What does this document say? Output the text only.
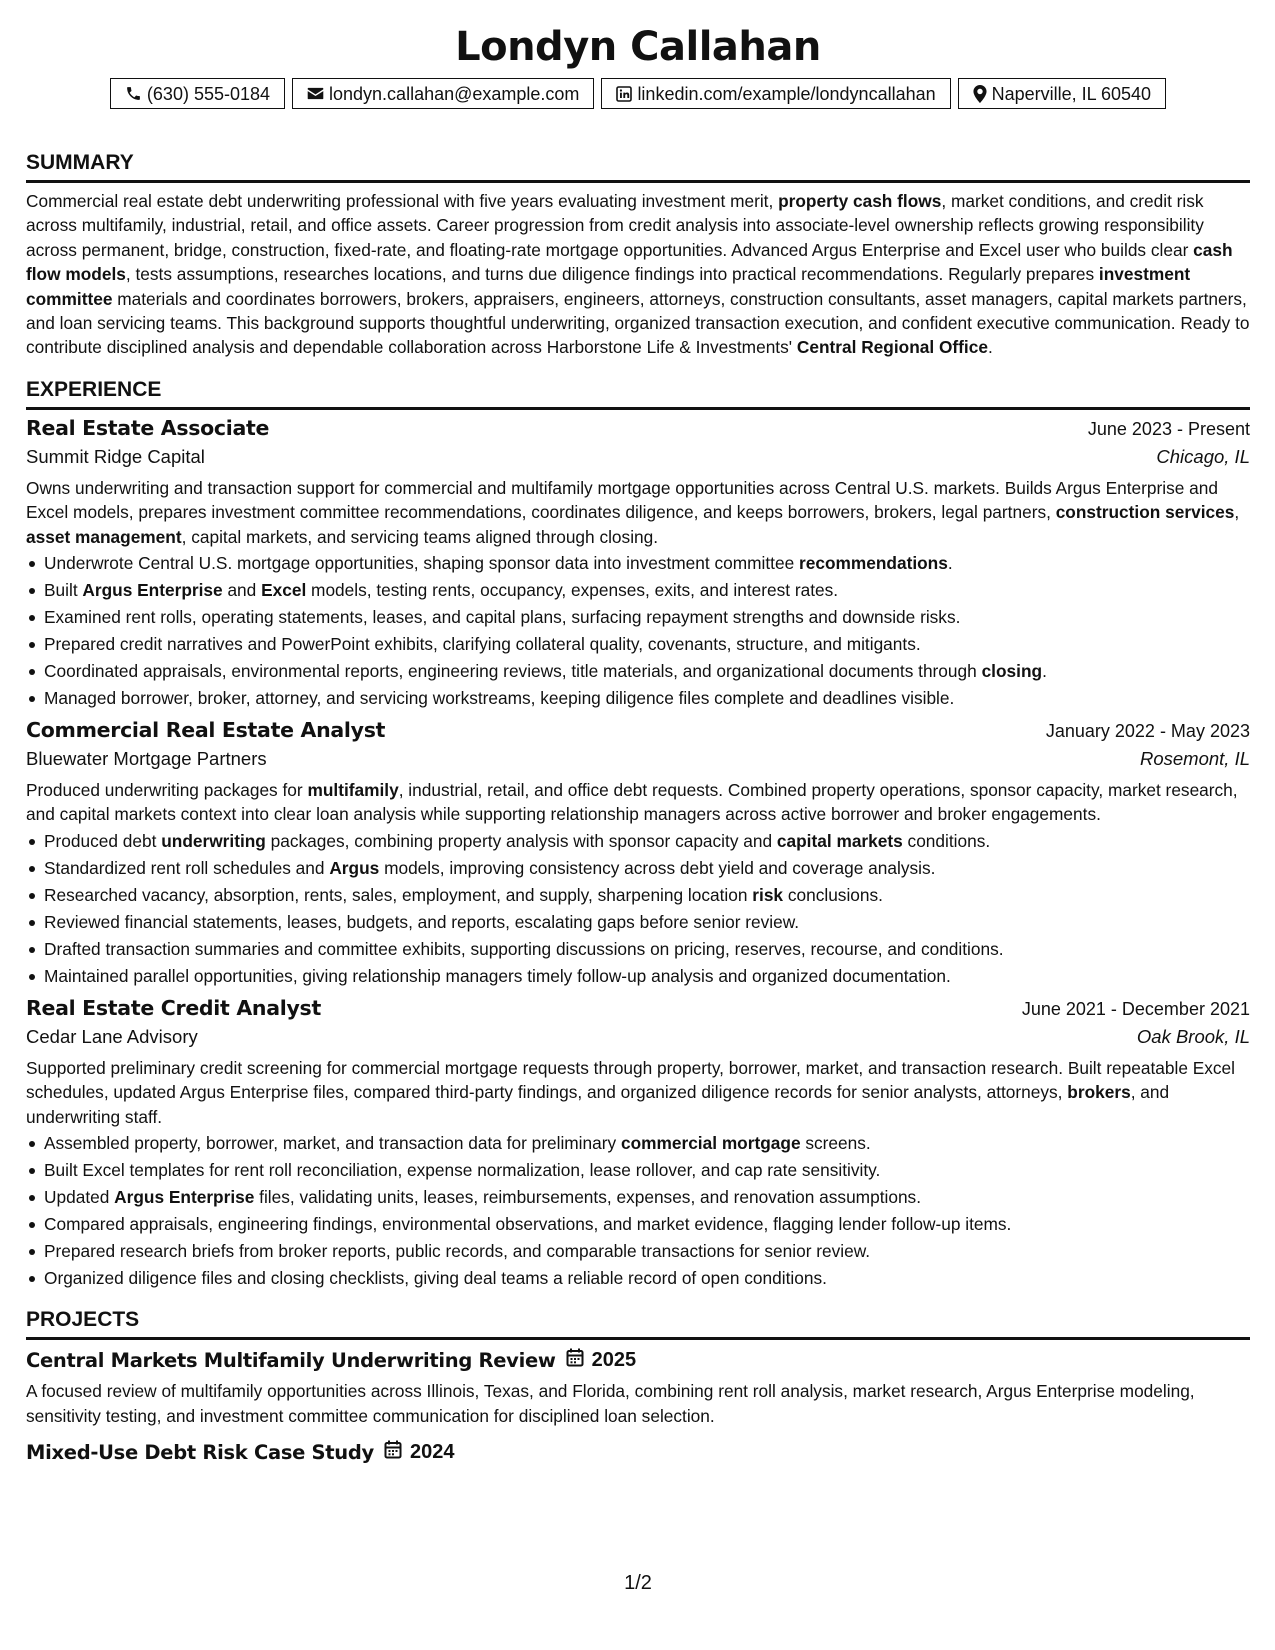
Londyn Callahan
(630) 555-0184	londyn.callahan@example.com	linkedin.com/example/londyncallahan	Naperville, IL 60540
SUMMARY
Commercial real estate debt underwriting professional with five years evaluating investment merit, property cash flows, market conditions, and credit risk across multifamily, industrial, retail, and office assets. Career progression from credit analysis into associate-level ownership reflects growing responsibility across permanent, bridge, construction, fixed-rate, and floating-rate mortgage opportunities. Advanced Argus Enterprise and Excel user who builds clear cash flow models, tests assumptions, researches locations, and turns due diligence findings into practical recommendations. Regularly prepares investment committee materials and coordinates borrowers, brokers, appraisers, engineers, attorneys, construction consultants, asset managers, capital markets partners, and loan servicing teams. This background supports thoughtful underwriting, organized transaction execution, and confident executive communication. Ready to contribute disciplined analysis and dependable collaboration across Harborstone Life & Investments' Central Regional Office.
EXPERIENCE
Real Estate Associate	June 2023 - Present
Summit Ridge Capital	Chicago, IL
Owns underwriting and transaction support for commercial and multifamily mortgage opportunities across Central U.S. markets. Builds Argus Enterprise and Excel models, prepares investment committee recommendations, coordinates diligence, and keeps borrowers, brokers, legal partners, construction services, asset management, capital markets, and servicing teams aligned through closing.
Underwrote Central U.S. mortgage opportunities, shaping sponsor data into investment committee recommendations.
Built Argus Enterprise and Excel models, testing rents, occupancy, expenses, exits, and interest rates.
Examined rent rolls, operating statements, leases, and capital plans, surfacing repayment strengths and downside risks.
Prepared credit narratives and PowerPoint exhibits, clarifying collateral quality, covenants, structure, and mitigants.
Coordinated appraisals, environmental reports, engineering reviews, title materials, and organizational documents through closing.
Managed borrower, broker, attorney, and servicing workstreams, keeping diligence files complete and deadlines visible.
Commercial Real Estate Analyst	January 2022 - May 2023
Bluewater Mortgage Partners	Rosemont, IL
Produced underwriting packages for multifamily, industrial, retail, and office debt requests. Combined property operations, sponsor capacity, market research, and capital markets context into clear loan analysis while supporting relationship managers across active borrower and broker engagements.
Produced debt underwriting packages, combining property analysis with sponsor capacity and capital markets conditions.
Standardized rent roll schedules and Argus models, improving consistency across debt yield and coverage analysis.
Researched vacancy, absorption, rents, sales, employment, and supply, sharpening location risk conclusions.
Reviewed financial statements, leases, budgets, and reports, escalating gaps before senior review.
Drafted transaction summaries and committee exhibits, supporting discussions on pricing, reserves, recourse, and conditions.
Maintained parallel opportunities, giving relationship managers timely follow-up analysis and organized documentation.
Real Estate Credit Analyst	June 2021 - December 2021
Cedar Lane Advisory	Oak Brook, IL
Supported preliminary credit screening for commercial mortgage requests through property, borrower, market, and transaction research. Built repeatable Excel schedules, updated Argus Enterprise files, compared third-party findings, and organized diligence records for senior analysts, attorneys, brokers, and underwriting staff.
Assembled property, borrower, market, and transaction data for preliminary commercial mortgage screens.
Built Excel templates for rent roll reconciliation, expense normalization, lease rollover, and cap rate sensitivity.
Updated Argus Enterprise files, validating units, leases, reimbursements, expenses, and renovation assumptions.
Compared appraisals, engineering findings, environmental observations, and market evidence, flagging lender follow-up items.
Prepared research briefs from broker reports, public records, and comparable transactions for senior review.
Organized diligence files and closing checklists, giving deal teams a reliable record of open conditions.
PROJECTS
Central Markets Multifamily Underwriting Review 2025
A focused review of multifamily opportunities across Illinois, Texas, and Florida, combining rent roll analysis, market research, Argus Enterprise modeling, sensitivity testing, and investment committee communication for disciplined loan selection.
Mixed-Use Debt Risk Case Study 2024
1/2
